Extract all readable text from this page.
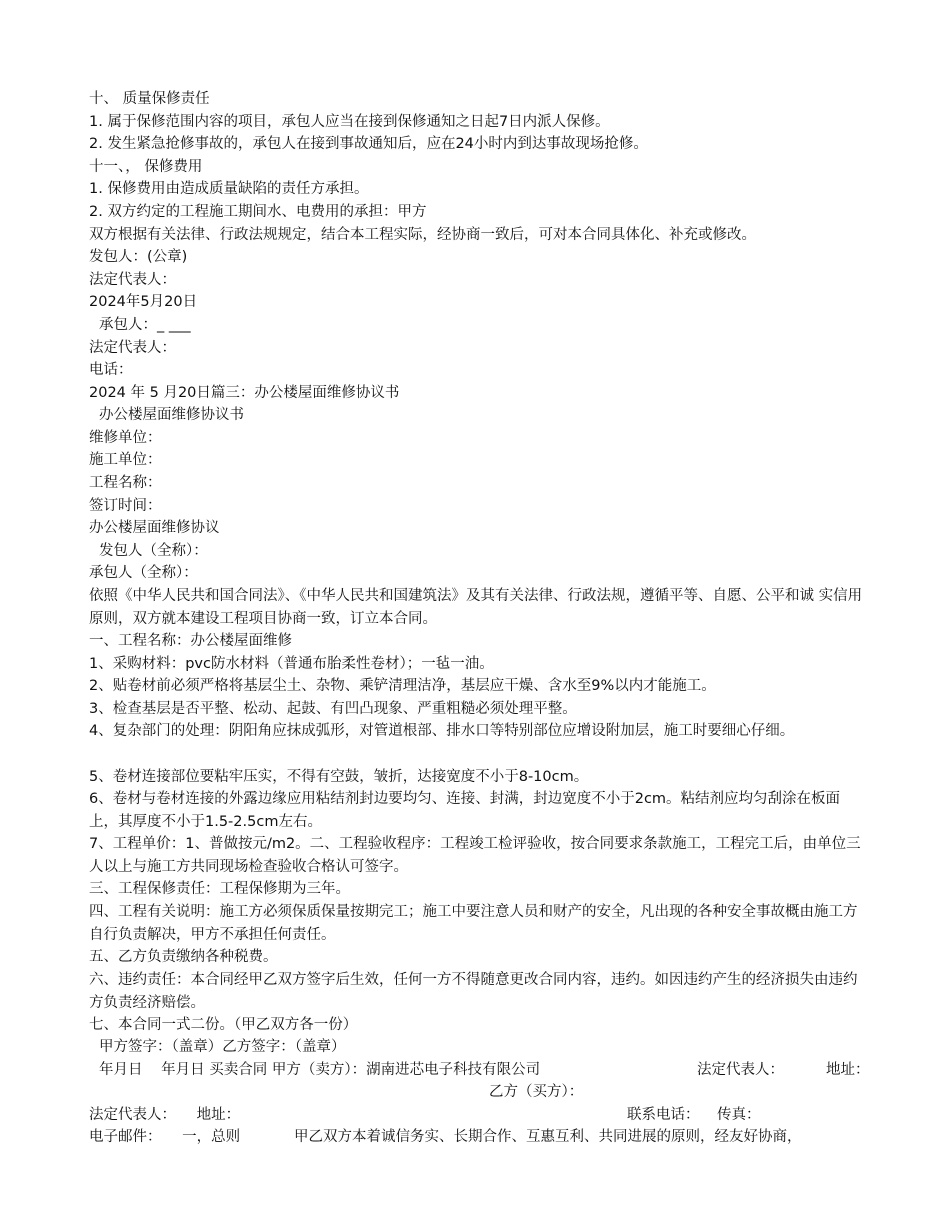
十、 质量保修责任
1. 属于保修范围内容的项目，承包人应当在接到保修通知之日起7日内派人保修。
2. 发生紧急抢修事故的，承包人在接到事故通知后，应在24小时内到达事故现场抢修。
十一、， 保修费用
1. 保修费用由造成质量缺陷的责任方承担。
2. 双方约定的工程施工期间水、电费用的承担：甲方
双方根据有关法律、行政法规规定，结合本工程实际，经协商一致后，可对本合同具体化、补充或修改。
发包人：(公章)
法定代表人：
2024年5月20日
承包人：_ ___
法定代表人：
电话：
2024 年 5 月20日篇三：办公楼屋面维修协议书
办公楼屋面维修协议书
维修单位：
施工单位：
工程名称：
签订时间：
办公楼屋面维修协议
发包人（全称）：
承包人（全称）：
依照《中华人民共和国合同法》、《中华人民共和国建筑法》及其有关法律、行政法规，遵循平等、自愿、公平和诚 实信用原则，双方就本建设工程项目协商一致，订立本合同。
一、工程名称：办公楼屋面维修
1、采购材料：pvc防水材料（普通布胎柔性卷材）；一毡一油。
2、贴卷材前必须严格将基层尘土、杂物、乘铲清理洁净，基层应干燥、含水至9%以内才能施工。
3、检查基层是否平整、松动、起鼓、有凹凸现象、严重粗糙必须处理平整。
4、复杂部门的处理：阴阳角应抹成弧形，对管道根部、排水口等特别部位应增设附加层，施工时要细心仔细。
5、卷材连接部位要粘牢压实，不得有空鼓，皱折，达接宽度不小于8-10cm。
6、卷材与卷材连接的外露边缘应用粘结剂封边要均匀、连接、封满，封边宽度不小于2cm。粘结剂应均匀刮涂在板面上，其厚度不小于1.5-2.5cm左右。
7、工程单价：1、普做按元/m2。二、工程验收程序：工程竣工检评验收，按合同要求条款施工，工程完工后，由单位三人以上与施工方共同现场检查验收合格认可签字。
三、工程保修责任：工程保修期为三年。
四、工程有关说明：施工方必须保质保量按期完工；施工中要注意人员和财产的安全，凡出现的各种安全事故概由施工方自行负责解决，甲方不承担任何责任。
五、乙方负责缴纳各种税费。
六、违约责任：本合同经甲乙双方签字后生效，任何一方不得随意更改合同内容，违约。如因违约产生的经济损失由违约方负责经济赔偿。
七、本合同一式二份。（甲乙双方各一份）
甲方签字：（盖章）乙方签字：（盖章）
年月日 年月日 买卖合同 甲方（卖方）：湖南进芯电子科技有限公司	法定代表人：	地址：
乙方（买方）：
法定代表人： 地址：	联系电话： 传真：
电子邮件： 一，总则	甲乙双方本着诚信务实、长期合作、互惠互利、共同进展的原则，经友好协商，
